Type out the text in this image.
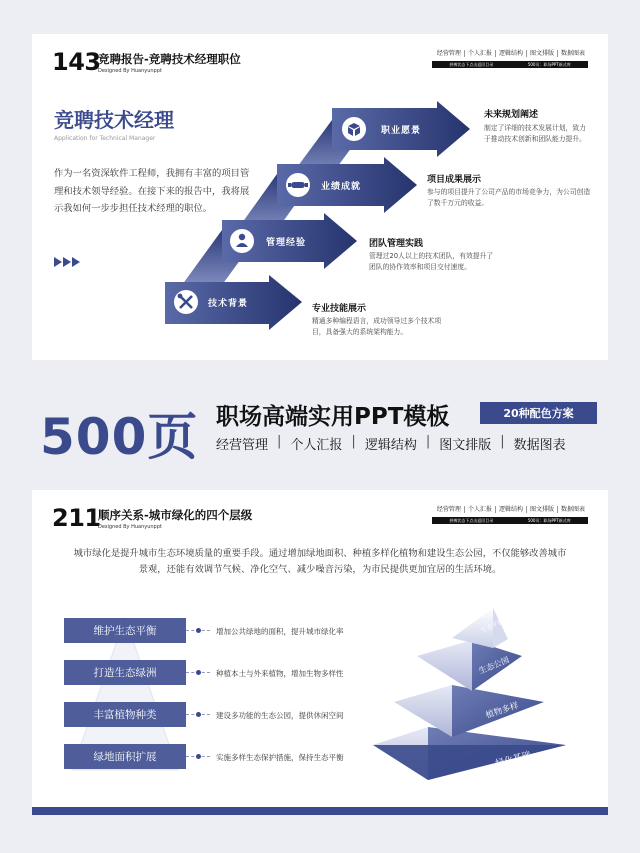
143
竞聘报告-竞聘技术经理职位
Designed By Huanyunppt
经营管理	个人汇报	逻辑结构	图文排版	数据图表
拼搏状态下点击返回目录	500页：职场PPT新式库
竞聘技术经理
Application for Technical Manager
作为一名资深软件工程师，我拥有丰富的项目管理和技术领导经验。在接下来的报告中，我将展示我如何一步步担任技术经理的职位。
职业愿景
业绩成就
管理经验
技术背景
未来规划阐述
制定了详细的技术发展计划，致力于推动技术创新和团队能力提升。
项目成果展示
参与的项目提升了公司产品的市场竞争力，为公司创造了数千万元的收益。
团队管理实践
管理过20人以上的技术团队，有效提升了团队的协作效率和项目交付速度。
专业技能展示
精通多种编程语言，成功领导过多个技术项目，具备强大的系统架构能力。
500页 职场高端实用PPT模板	20种配色方案
经营管理 | 个人汇报 | 逻辑结构 | 图文排版 | 数据图表
211
顺序关系-城市绿化的四个层级
Designed By Huanyunppt
经营管理	个人汇报	逻辑结构	图文排版	数据图表
拼搏状态下点击返回目录	500页：职场PPT新式库
城市绿化是提升城市生态环境质量的重要手段。通过增加绿地面积、种植多样化植物和建设生态公园，不仅能够改善城市景观，还能有效调节气候、净化空气、减少噪音污染，为市民提供更加宜居的生活环境。
维护生态平衡
打造生态绿洲
丰富植物种类
绿地面积扩展
增加公共绿地的面积，提升城市绿化率
种植本土与外来植物，增加生物多样性
建设多功能的生态公园，提供休闲空间
实施多样生态保护措施，保持生态平衡
生态平衡
生态公园
植物多样
绿化基础
